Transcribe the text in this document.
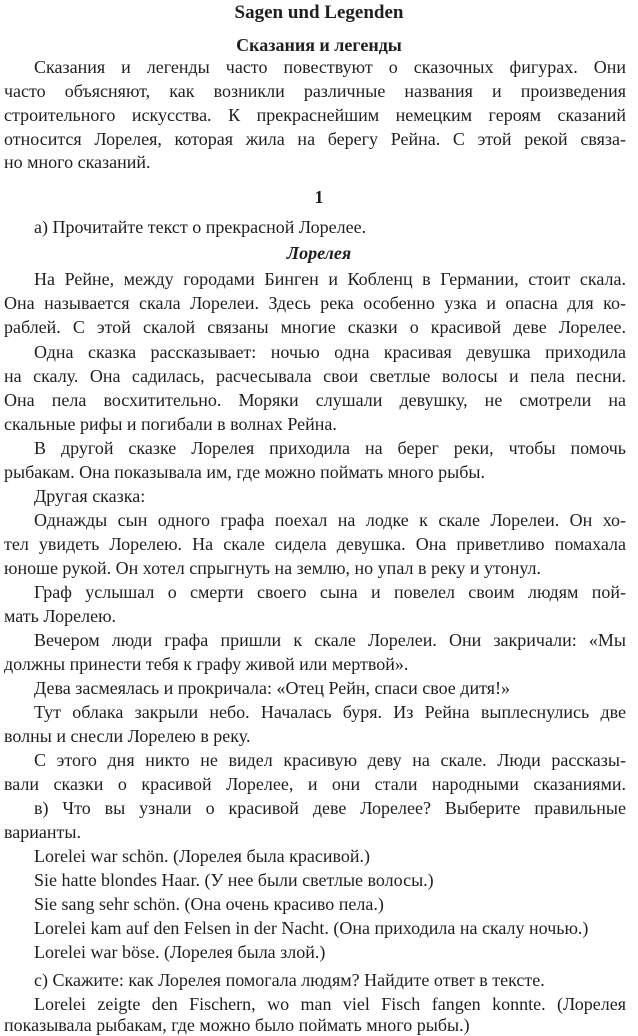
Sagen und Legenden
Сказания и легенды

Сказания и легенды часто повествуют о сказочных фигурах. Они

часто объясняют, как возникли различные названия и произведения

строительного искусства. К прекраснейшим немецким героям сказаний

относится Лорелея, которая жила на берегу Рейна. С этой рекой связа-

но много сказаний.

1

а) Прочитайте текст о прекрасной Лорелее.

Лорелея

На Рейне, между городами Бинген и Кобленц в Германии, стоит скала.

Она называется скала Лорелеи. Здесь река особенно узка и опасна для ко-

раблей. С этой скалой связаны многие сказки о красивой деве Лорелее.

Одна сказка рассказывает: ночью одна красивая девушка приходила

на скалу. Она садилась, расчесывала свои светлые волосы и пела песни.

Она пела восхитительно. Моряки слушали девушку, не смотрели на

скальные рифы и погибали в волнах Рейна.

В другой сказке Лорелея приходила на берег реки, чтобы помочь

рыбакам. Она показывала им, где можно поймать много рыбы.

Другая сказка:

Однажды сын одного графа поехал на лодке к скале Лорелеи. Он хо-

тел увидеть Лорелею. На скале сидела девушка. Она приветливо помахала

юноше рукой. Он хотел спрыгнуть на землю, но упал в реку и утонул.

Граф услышал о смерти своего сына и повелел своим людям пой-

мать Лорелею.

Вечером люди графа пришли к скале Лорелеи. Они закричали: «Мы

должны принести тебя к графу живой или мертвой».

Дева засмеялась и прокричала: «Отец Рейн, спаси свое дитя!»

Тут облака закрыли небо. Началась буря. Из Рейна выплеснулись две

волны и снесли Лорелею в реку.

С этого дня никто не видел красивую деву на скале. Люди рассказы-

вали сказки о красивой Лорелее, и они стали народными сказаниями.

в) Что вы узнали о красивой деве Лорелее? Выберите правильные

варианты.

Lorelei war schön. (Лорелея была красивой.)

Sie hatte blondes Haar. (У нее были светлые волосы.)

Sie sang sehr schön. (Она очень красиво пела.)

Lorelei kam auf den Felsen in der Nacht. (Она приходила на скалу ночью.)

Lorelei war böse. (Лорелея была злой.)

с) Скажите: как Лорелея помогала людям? Найдите ответ в тексте.

Lorelei zeigte den Fischern, wo man viel Fisch fangen konnte. (Лорелея

показывала рыбакам, где можно было поймать много рыбы.)
